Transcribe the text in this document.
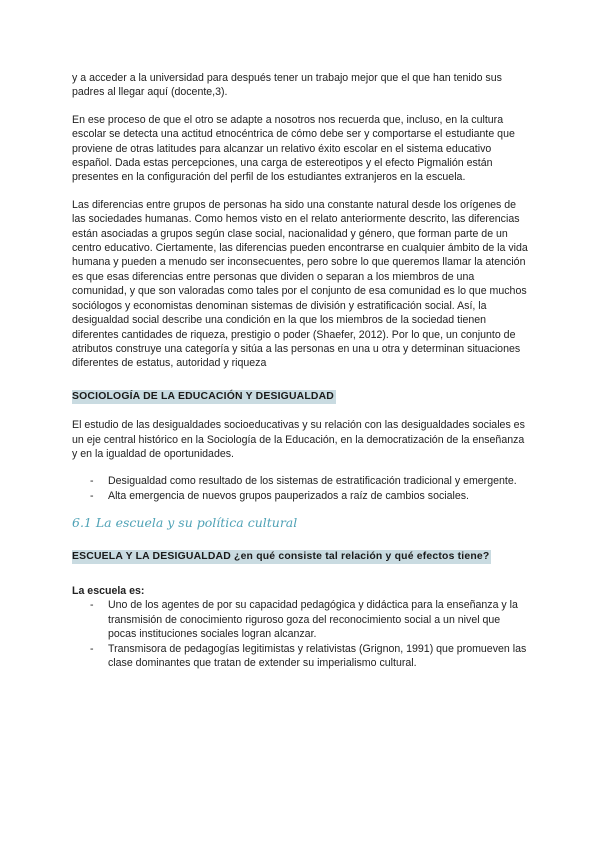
y a acceder a la universidad para después tener un trabajo mejor que el que han tenido sus padres al llegar aquí (docente,3).

En ese proceso de que el otro se adapte a nosotros nos recuerda que, incluso, en la cultura escolar se detecta una actitud etnocéntrica de cómo debe ser y comportarse el estudiante que proviene de otras latitudes para alcanzar un relativo éxito escolar en el sistema educativo español. Dada estas percepciones, una carga de estereotipos y el efecto Pigmalión están presentes en la configuración del perfil de los estudiantes extranjeros en la escuela.

Las diferencias entre grupos de personas ha sido una constante natural desde los orígenes de las sociedades humanas. Como hemos visto en el relato anteriormente descrito, las diferencias están asociadas a grupos según clase social, nacionalidad y género, que forman parte de un centro educativo. Ciertamente, las diferencias pueden encontrarse en cualquier ámbito de la vida humana y pueden a menudo ser inconsecuentes, pero sobre lo que queremos llamar la atención es que esas diferencias entre personas que dividen o separan a los miembros de una comunidad, y que son valoradas como tales por el conjunto de esa comunidad es lo que muchos sociólogos y economistas denominan sistemas de división y estratificación social. Así, la desigualdad social describe una condición en la que los miembros de la sociedad tienen diferentes cantidades de riqueza, prestigio o poder (Shaefer, 2012). Por lo que, un conjunto de atributos construye una categoría y sitúa a las personas en una u otra y determinan situaciones diferentes de estatus, autoridad y riqueza

SOCIOLOGÍA DE LA EDUCACIÓN Y DESIGUALDAD

El estudio de las desigualdades socioeducativas y su relación con las desigualdades sociales es un eje central histórico en la Sociología de la Educación, en la democratización de la enseñanza y en la igualdad de oportunidades.

- Desigualdad como resultado de los sistemas de estratificación tradicional y emergente.
- Alta emergencia de nuevos grupos pauperizados a raíz de cambios sociales.

6.1 La escuela y su política cultural

ESCUELA Y LA DESIGUALDAD ¿en qué consiste tal relación y qué efectos tiene?

La escuela es:

- Uno de los agentes de por su capacidad pedagógica y didáctica para la enseñanza y la transmisión de conocimiento riguroso goza del reconocimiento social a un nivel que pocas instituciones sociales logran alcanzar.
- Transmisora de pedagogías legitimistas y relativistas (Grignon, 1991) que promueven las clase dominantes que tratan de extender su imperialismo cultural.
